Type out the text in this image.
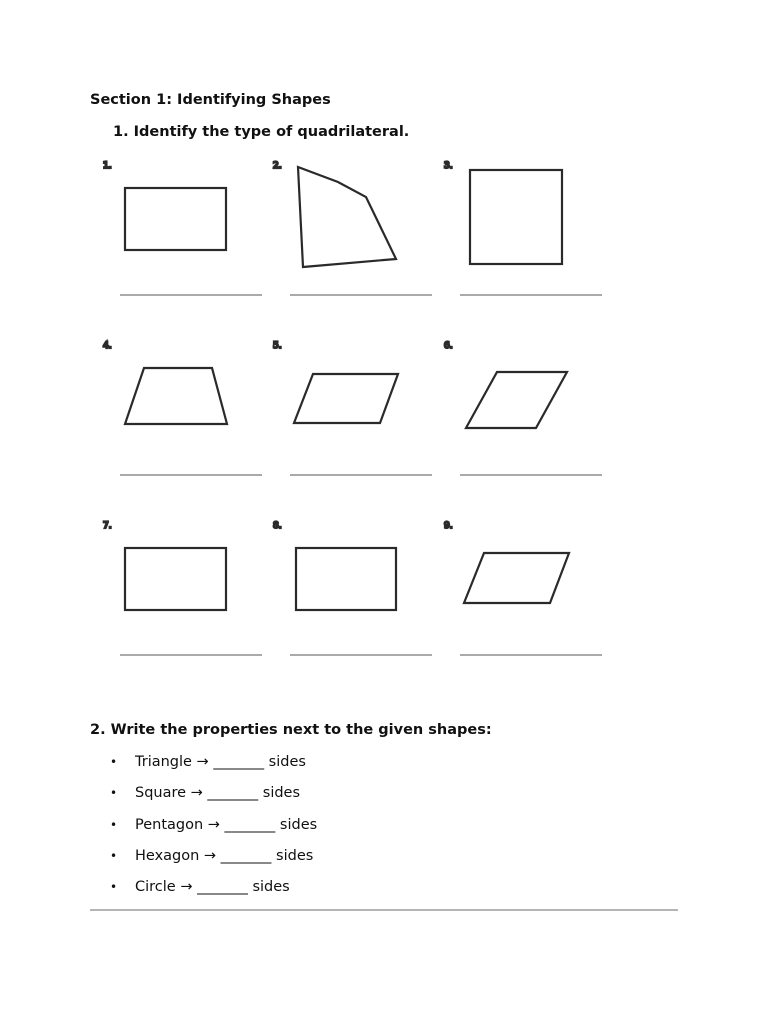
Section 1: Identifying Shapes
1. Identify the type of quadrilateral.
1.	2.	3.
4.	5.	6.
7.	8.	9.
2. Write the properties next to the given shapes:
• Triangle → _______ sides
• Square → _______ sides
• Pentagon → _______ sides
• Hexagon → _______ sides
• Circle → _______ sides
